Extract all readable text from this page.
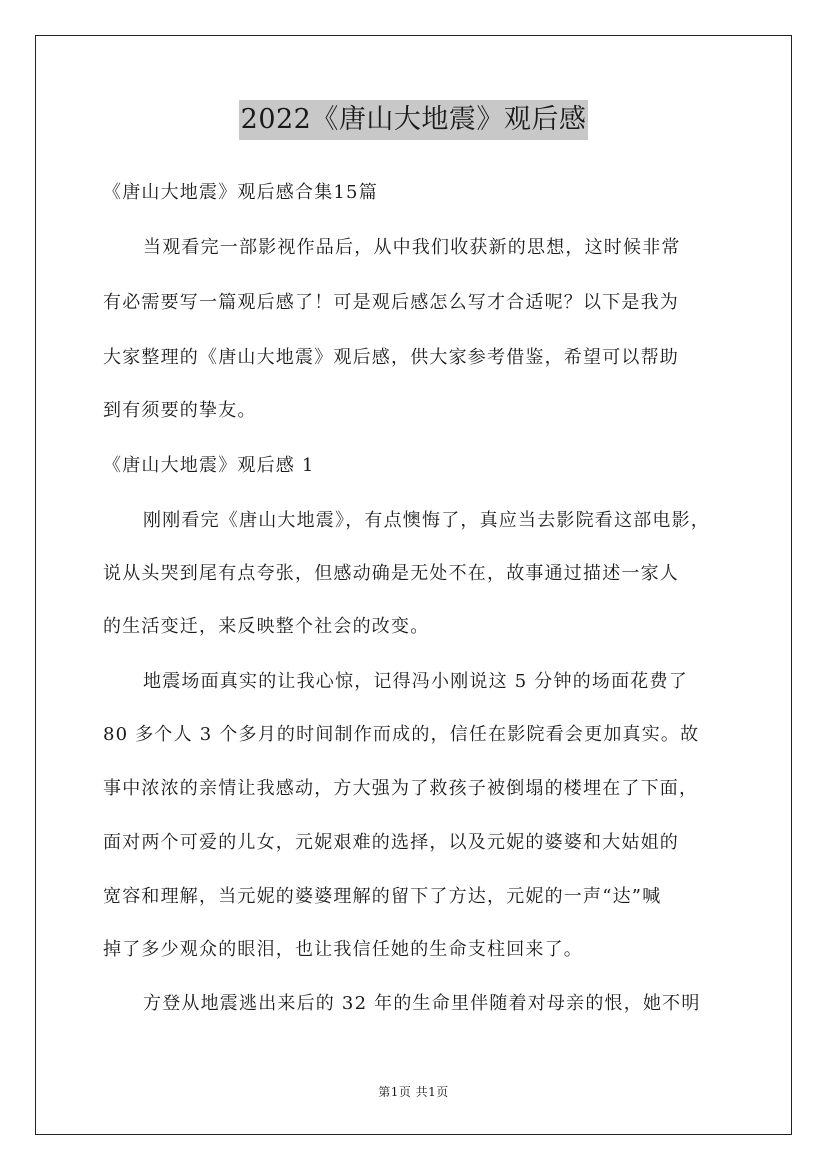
2022《唐山大地震》观后感
《唐山大地震》观后感合集15篇
当观看完一部影视作品后，从中我们收获新的思想，这时候非常
有必需要写一篇观后感了！可是观后感怎么写才合适呢？以下是我为
大家整理的《唐山大地震》观后感，供大家参考借鉴，希望可以帮助
到有须要的挚友。
《唐山大地震》观后感 1
刚刚看完《唐山大地震》，有点懊悔了，真应当去影院看这部电影，
说从头哭到尾有点夸张，但感动确是无处不在，故事通过描述一家人
的生活变迁，来反映整个社会的改变。
地震场面真实的让我心惊，记得冯小刚说这 5 分钟的场面花费了
80 多个人 3 个多月的时间制作而成的，信任在影院看会更加真实。故
事中浓浓的亲情让我感动，方大强为了救孩子被倒塌的楼埋在了下面，
面对两个可爱的儿女，元妮艰难的选择，以及元妮的婆婆和大姑姐的
宽容和理解，当元妮的婆婆理解的留下了方达，元妮的一声“达”喊
掉了多少观众的眼泪，也让我信任她的生命支柱回来了。
方登从地震逃出来后的 32 年的生命里伴随着对母亲的恨，她不明
第1页 共1页
